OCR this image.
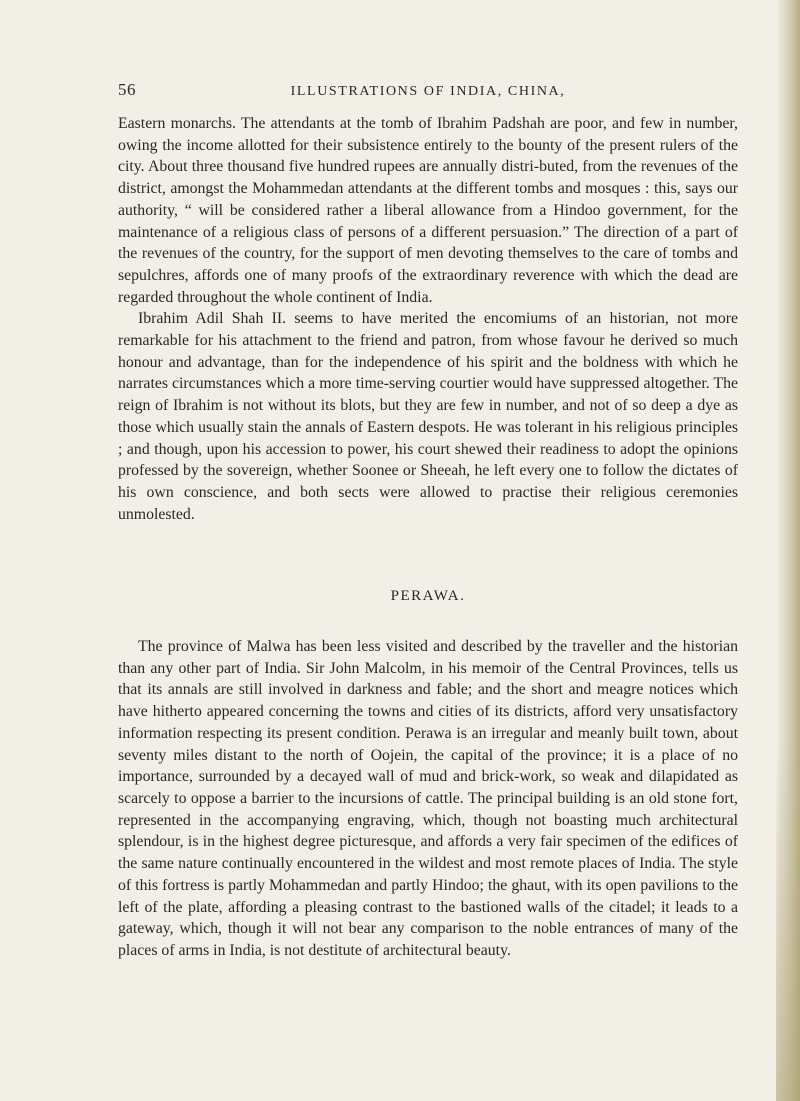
56	ILLUSTRATIONS OF INDIA, CHINA,

Eastern monarchs. The attendants at the tomb of Ibrahim Padshah are poor, and few in number, owing the income allotted for their subsistence entirely to the bounty of the present rulers of the city. About three thousand five hundred rupees are annually distri-buted, from the revenues of the district, amongst the Mohammedan attendants at the different tombs and mosques : this, says our authority, “ will be considered rather a liberal allowance from a Hindoo government, for the maintenance of a religious class of persons of a different persuasion.” The direction of a part of the revenues of the country, for the support of men devoting themselves to the care of tombs and sepulchres, affords one of many proofs of the extraordinary reverence with which the dead are regarded throughout the whole continent of India.

Ibrahim Adil Shah II. seems to have merited the encomiums of an historian, not more remarkable for his attachment to the friend and patron, from whose favour he derived so much honour and advantage, than for the independence of his spirit and the boldness with which he narrates circumstances which a more time-serving courtier would have suppressed altogether. The reign of Ibrahim is not without its blots, but they are few in number, and not of so deep a dye as those which usually stain the annals of Eastern despots. He was tolerant in his religious principles ; and though, upon his accession to power, his court shewed their readiness to adopt the opinions professed by the sovereign, whether Soonee or Sheeah, he left every one to follow the dictates of his own conscience, and both sects were allowed to practise their religious ceremonies unmolested.

PERAWA.

The province of Malwa has been less visited and described by the traveller and the historian than any other part of India. Sir John Malcolm, in his memoir of the Central Provinces, tells us that its annals are still involved in darkness and fable; and the short and meagre notices which have hitherto appeared concerning the towns and cities of its districts, afford very unsatisfactory information respecting its present condition. Perawa is an irregular and meanly built town, about seventy miles distant to the north of Oojein, the capital of the province; it is a place of no importance, surrounded by a decayed wall of mud and brick-work, so weak and dilapidated as scarcely to oppose a barrier to the incursions of cattle. The principal building is an old stone fort, represented in the accompanying engraving, which, though not boasting much architectural splendour, is in the highest degree picturesque, and affords a very fair specimen of the edifices of the same nature continually encountered in the wildest and most remote places of India. The style of this fortress is partly Mohammedan and partly Hindoo; the ghaut, with its open pavilions to the left of the plate, affording a pleasing contrast to the bastioned walls of the citadel; it leads to a gateway, which, though it will not bear any comparison to the noble entrances of many of the places of arms in India, is not destitute of architectural beauty.
